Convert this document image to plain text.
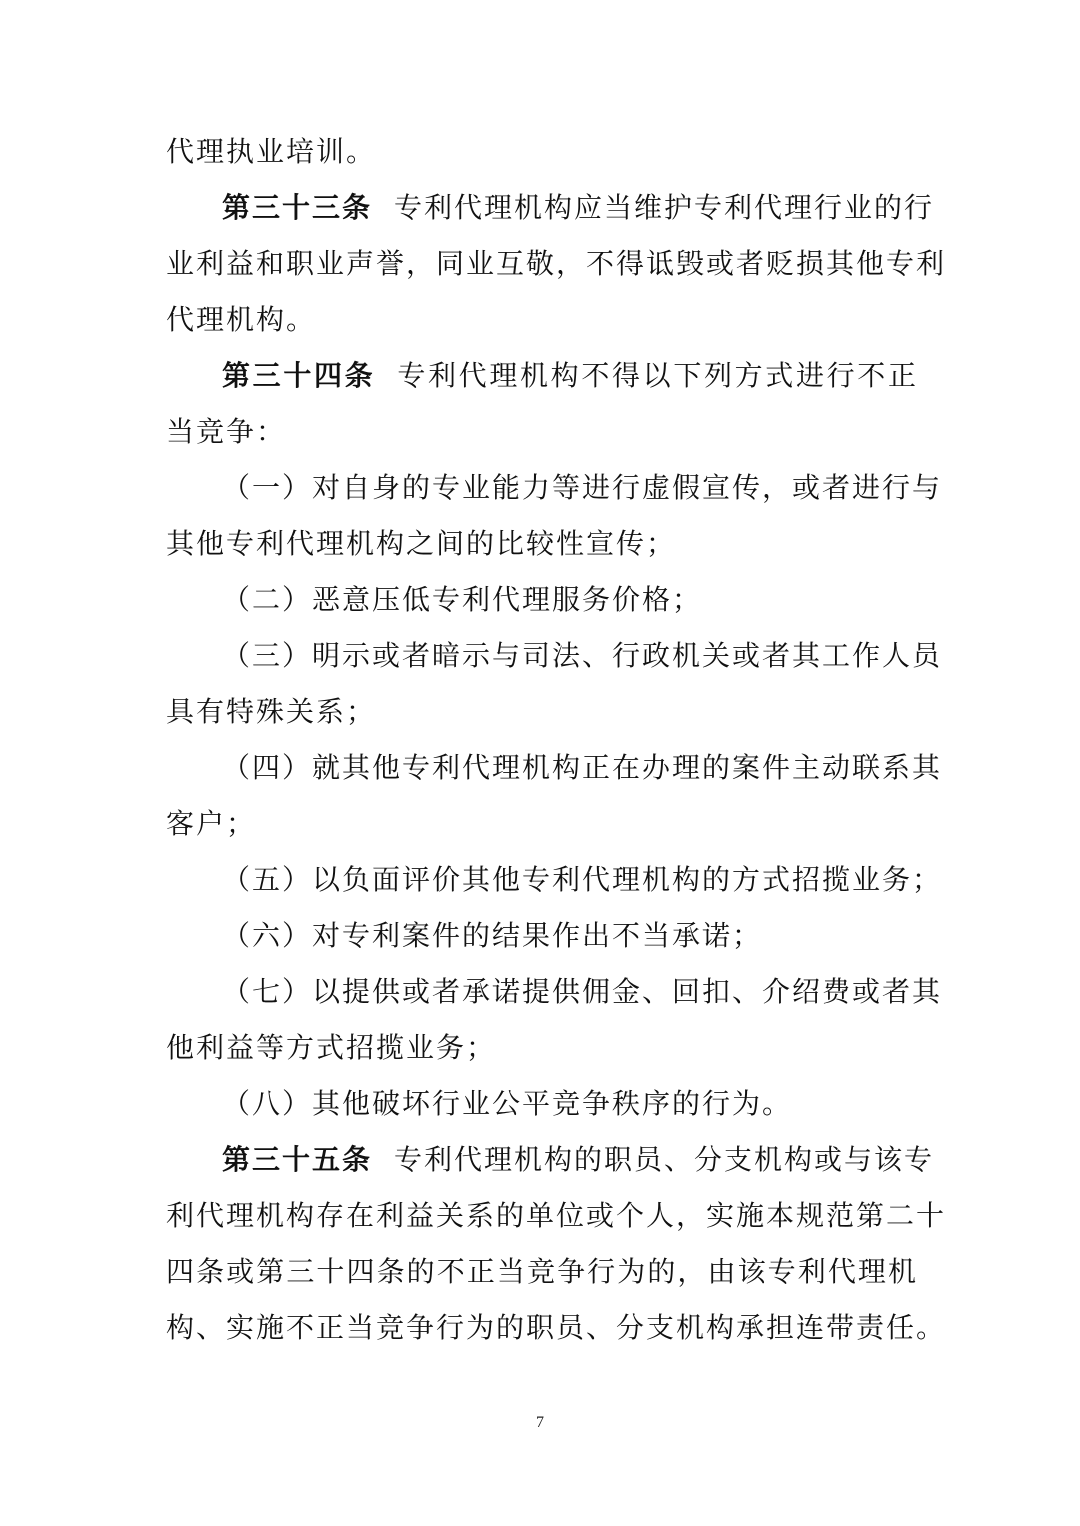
代理执业培训。
第三十三条 专利代理机构应当维护专利代理行业的行
业利益和职业声誉，同业互敬，不得诋毁或者贬损其他专利
代理机构。
第三十四条 专利代理机构不得以下列方式进行不正
当竞争：
（一）对自身的专业能力等进行虚假宣传，或者进行与
其他专利代理机构之间的比较性宣传；
（二）恶意压低专利代理服务价格；
（三）明示或者暗示与司法、行政机关或者其工作人员
具有特殊关系；
（四）就其他专利代理机构正在办理的案件主动联系其
客户；
（五）以负面评价其他专利代理机构的方式招揽业务；
（六）对专利案件的结果作出不当承诺；
（七）以提供或者承诺提供佣金、回扣、介绍费或者其
他利益等方式招揽业务；
（八）其他破坏行业公平竞争秩序的行为。
第三十五条 专利代理机构的职员、分支机构或与该专
利代理机构存在利益关系的单位或个人，实施本规范第二十
四条或第三十四条的不正当竞争行为的，由该专利代理机
构、实施不正当竞争行为的职员、分支机构承担连带责任。
7
